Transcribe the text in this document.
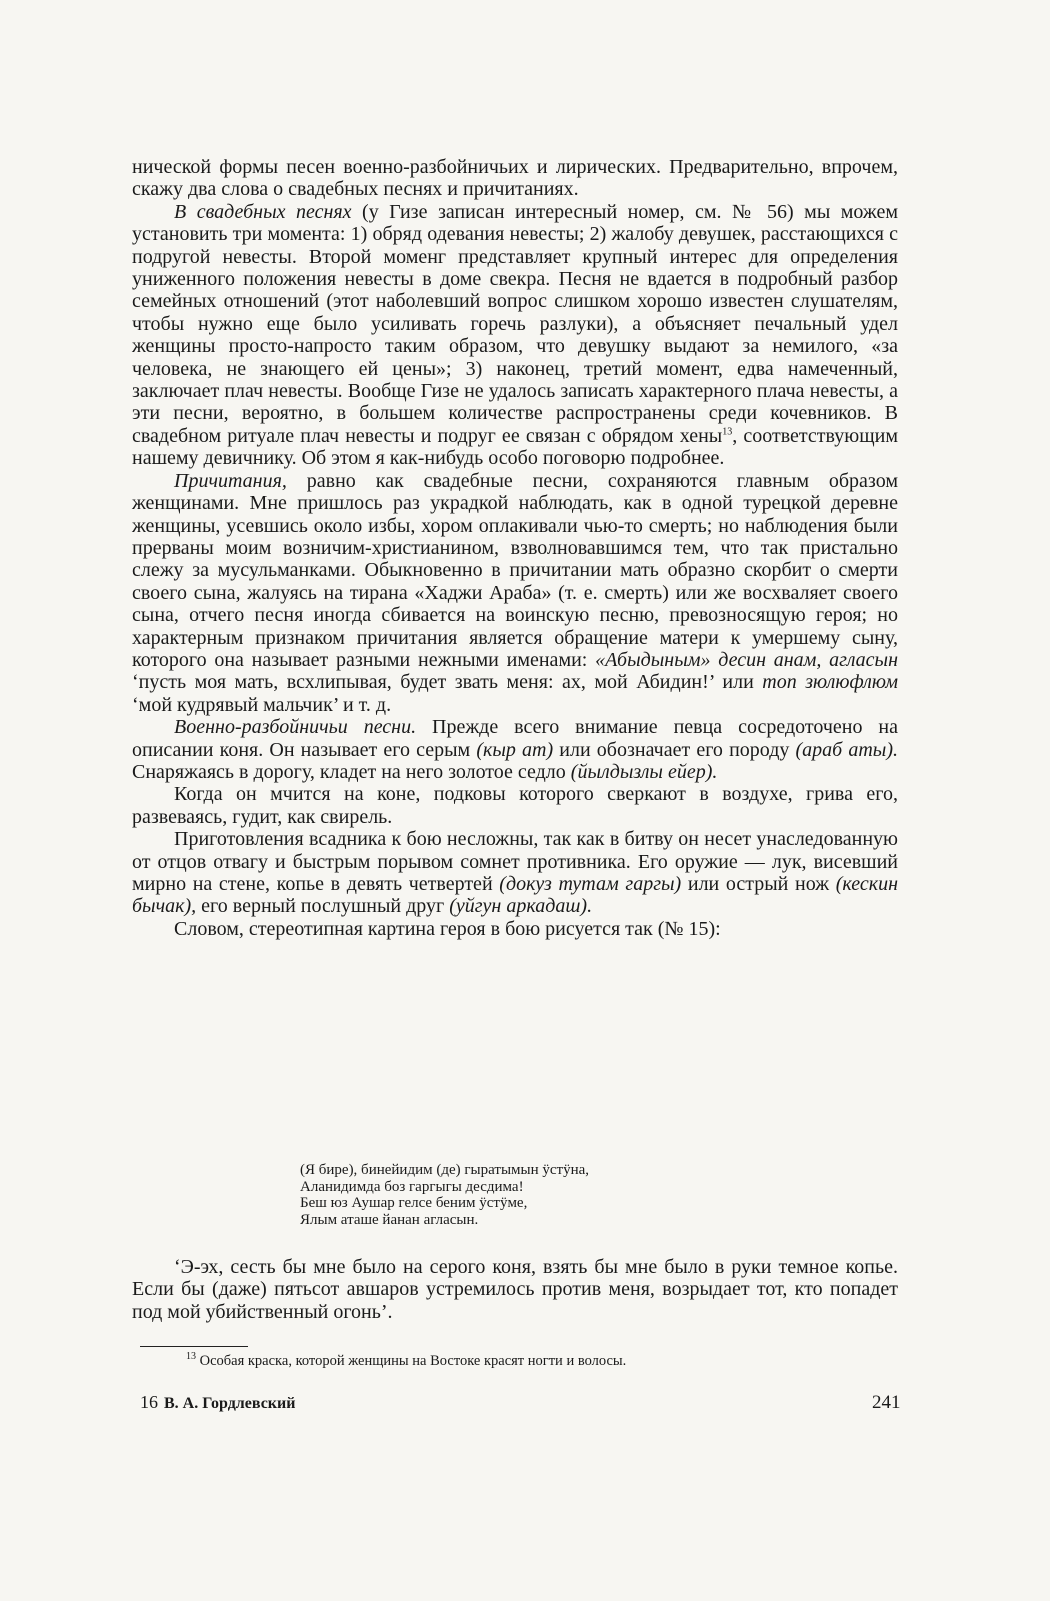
нической формы песен военно-разбойничьих и лирических. Предварительно, впрочем, скажу два слова о свадебных песнях и причитаниях.

В свадебных песнях (у Гизе записан интересный номер, см. № 56) мы можем установить три момента: 1) обряд одевания невесты; 2) жалобу девушек, расстающихся с подругой невесты. Второй моменг представляет крупный интерес для определения униженного положения невесты в доме свекра. Песня не вдается в подробный разбор семейных отношений (этот наболевший вопрос слишком хорошо известен слушателям, чтобы нужно еще было усиливать горечь разлуки), а объясняет печальный удел женщины просто-напросто таким образом, что девушку выдают за немилого, «за человека, не знающего ей цены»; 3) наконец, третий момент, едва намеченный, заключает плач невесты. Вообще Гизе не удалось записать характерного плача невесты, а эти песни, вероятно, в большем количестве распространены среди кочевников. В свадебном ритуале плач невесты и подруг ее связан с обрядом хены$^{13}$, соответствующим нашему девичнику. Об этом я как-нибудь особо поговорю подробнее.

Причитания, равно как свадебные песни, сохраняются главным образом женщинами. Мне пришлось раз украдкой наблюдать, как в одной турецкой деревне женщины, усевшись около избы, хором оплакивали чью-то смерть; но наблюдения были прерваны моим возничим-христианином, взволновавшимся тем, что так пристально слежу за мусульманками. Обыкновенно в причитании мать образно скорбит о смерти своего сына, жалуясь на тирана «Хаджи Араба» (т. е. смерть) или же восхваляет своего сына, отчего песня иногда сбивается на воинскую песню, превозносящую героя; но характерным признаком причитания является обращение матери к умершему сыну, которого она называет разными нежными именами: «Абыдыным» десин анам, аглаcын ‘пусть моя мать, всхлипывая, будет звать меня: ах, мой Абидин!’ или топ зюлюфлюм ‘мой кудрявый мальчик’ и т. д.

Военно-разбойничьи песни. Прежде всего внимание певца сосредоточено на описании коня. Он называет его серым (кыр ат) или обозначает его породу (араб аты). Снаряжаясь в дорогу, кладет на него золотое седло (йылдызлы ейер).

Когда он мчится на коне, подковы которого сверкают в воздухе, грива его, развеваясь, гудит, как свирель.

Приготовления всадника к бою несложны, так как в битву он несет унаследованную от отцов отвагу и быстрым порывом сомнет противника. Его оружие — лук, висевший мирно на стене, копье в девять четвертей (докуз тутам гаргы) или острый нож (кескин бычак), его верный послушный друг (уйгун аркадаш).

Словом, стереотипная картина героя в бою рисуется так (№ 15):

(Я бире), бинейидим (де) гыратымын ӱстӱна,
Аланидимда боз гаргыгы десдима!
Беш юз Аушар гелсе беним ӱстӱме,
Ялым аташе йанан агласын.
‘Э-эх, сесть бы мне было на серого коня, взять бы мне было в руки темное копье. Если бы (даже) пятьсот авшаров устремилось против меня, возрыдает тот, кто попадет под мой убийственный огонь’.
$^{13}$ Особая краска, которой женщины на Востоке красят ногти и волосы.
16 В. А. Гордлевский	241
